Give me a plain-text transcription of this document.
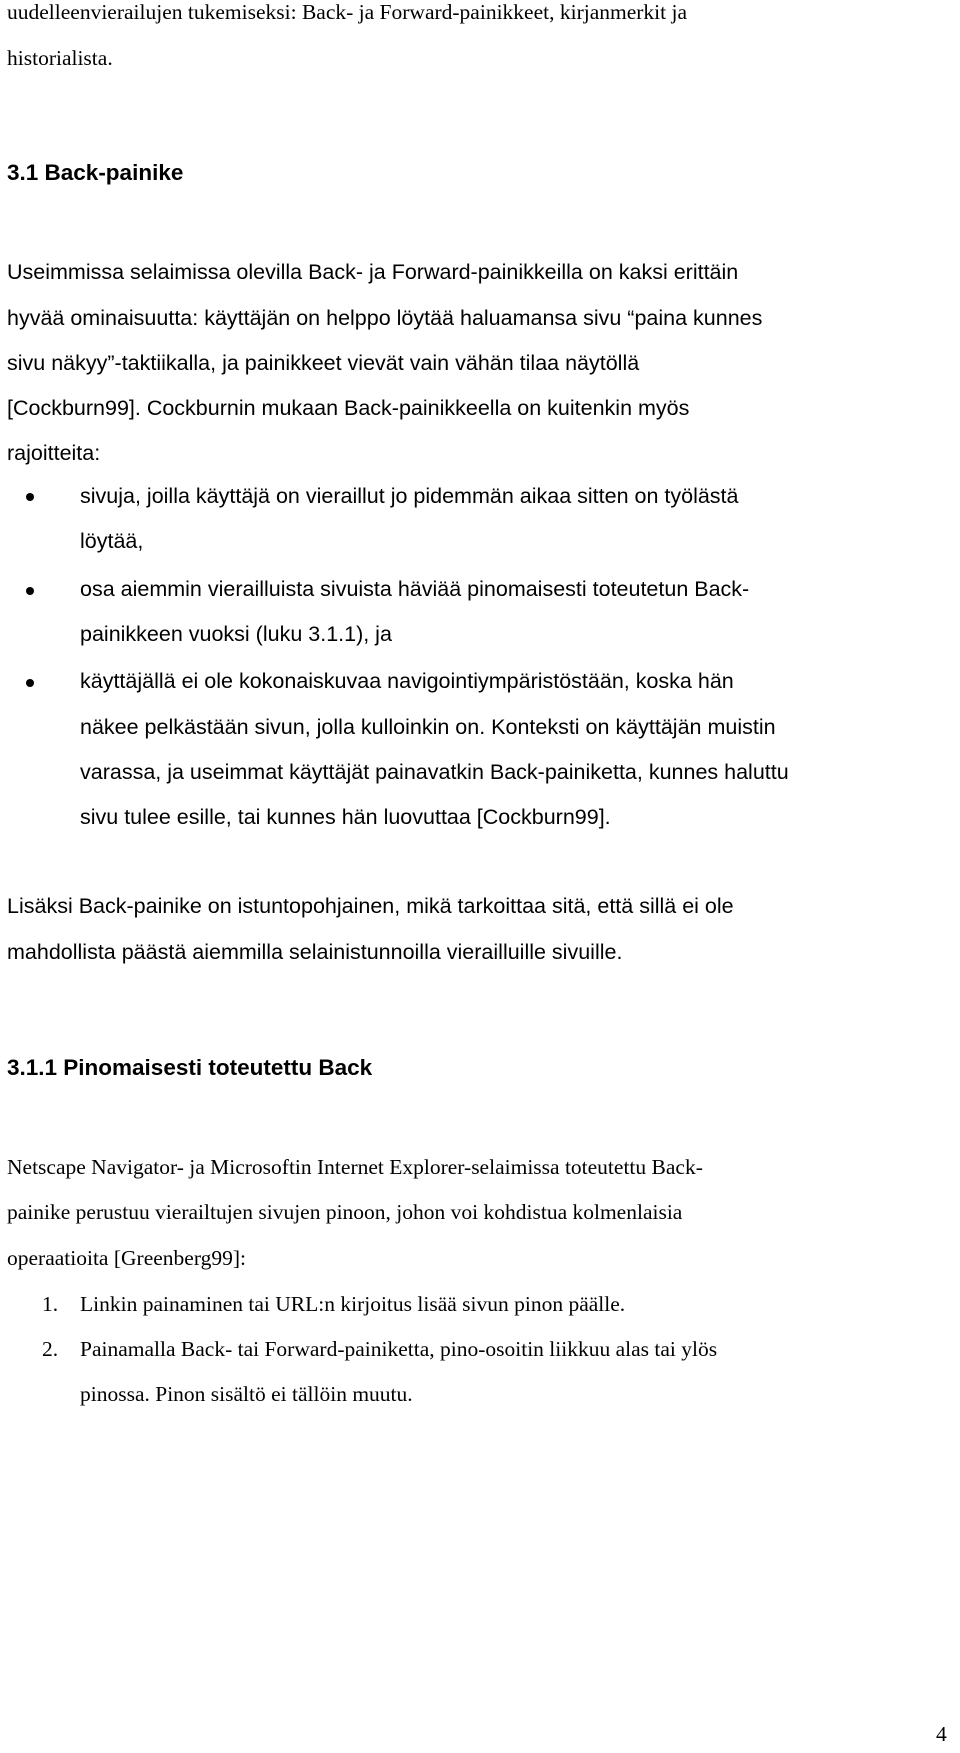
uudelleenvierailujen tukemiseksi: Back- ja Forward-painikkeet, kirjanmerkit ja
historialista.
3.1 Back-painike
Useimmissa selaimissa olevilla Back- ja Forward-painikkeilla on kaksi erittäin
hyvää ominaisuutta: käyttäjän on helppo löytää haluamansa sivu “paina kunnes
sivu näkyy”-taktiikalla, ja painikkeet vievät vain vähän tilaa näytöllä
[Cockburn99]. Cockburnin mukaan Back-painikkeella on kuitenkin myös
rajoitteita:
sivuja, joilla käyttäjä on vieraillut jo pidemmän aikaa sitten on työlästä
löytää,
osa aiemmin vierailluista sivuista häviää pinomaisesti toteutetun Back-
painikkeen vuoksi (luku 3.1.1), ja
käyttäjällä ei ole kokonaiskuvaa navigointiympäristöstään, koska hän
näkee pelkästään sivun, jolla kulloinkin on. Konteksti on käyttäjän muistin
varassa, ja useimmat käyttäjät painavatkin Back-painiketta, kunnes haluttu
sivu tulee esille, tai kunnes hän luovuttaa [Cockburn99].
Lisäksi Back-painike on istuntopohjainen, mikä tarkoittaa sitä, että sillä ei ole
mahdollista päästä aiemmilla selainistunnoilla vierailluille sivuille.
3.1.1 Pinomaisesti toteutettu Back
Netscape Navigator- ja Microsoftin Internet Explorer-selaimissa toteutettu Back-
painike perustuu vierailtujen sivujen pinoon, johon voi kohdistua kolmenlaisia
operaatioita [Greenberg99]:
1. Linkin painaminen tai URL:n kirjoitus lisää sivun pinon päälle.
2. Painamalla Back- tai Forward-painiketta, pino-osoitin liikkuu alas tai ylös
pinossa. Pinon sisältö ei tällöin muutu.
4
